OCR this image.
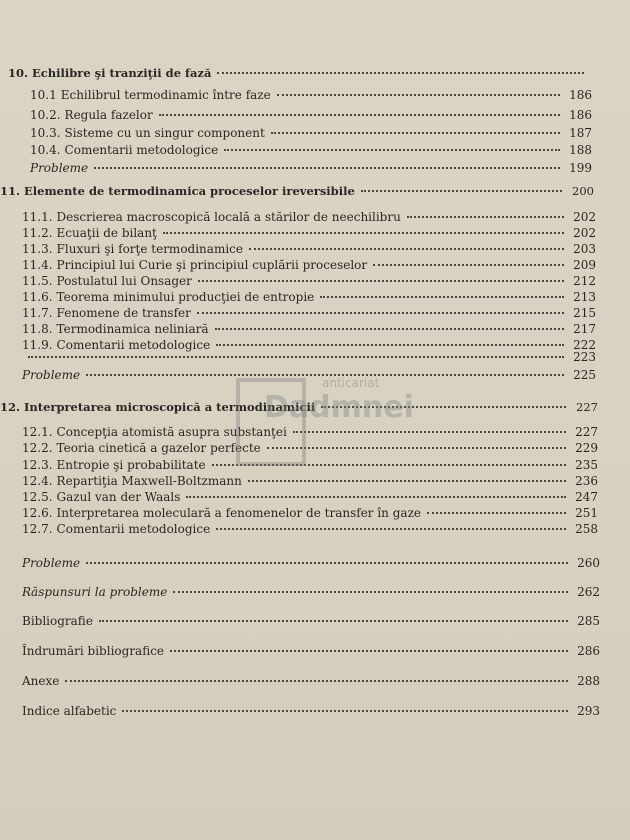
10. Echilibre şi tranziţii de fază
10.1 Echilibrul termodinamic între faze	186
10.2. Regula fazelor	186
10.3. Sisteme cu un singur component	187
10.4. Comentarii metodologice	188
Probleme	199
11. Elemente de termodinamica proceselor ireversibile	200
11.1. Descrierea macroscopică locală a stărilor de neechilibru	202
11.2. Ecuaţii de bilanţ	202
11.3. Fluxuri şi forţe termodinamice	203
11.4. Principiul lui Curie şi principiul cuplării proceselor	209
11.5. Postulatul lui Onsager	212
11.6. Teorema minimului producţiei de entropie	213
11.7. Fenomene de transfer	215
11.8. Termodinamica neliniară	217
11.9. Comentarii metodologice	222
223
Probleme	225
12. Interpretarea microscopică a termodinamicii	227
12.1. Concepţia atomistă asupra substanţei	227
12.2. Teoria cinetică a gazelor perfecte	229
12.3. Entropie şi probabilitate	235
12.4. Repartiţia Maxwell-Boltzmann	236
12.5. Gazul van der Waals	247
12.6. Interpretarea moleculară a fenomenelor de transfer în gaze	251
12.7. Comentarii metodologice	258
Probleme	260
Răspunsuri la probleme	262
Bibliografie	285
Îndrumări bibliografice	286
Anexe	288
Indice alfabetic	293
Dadmnei
anticariat
